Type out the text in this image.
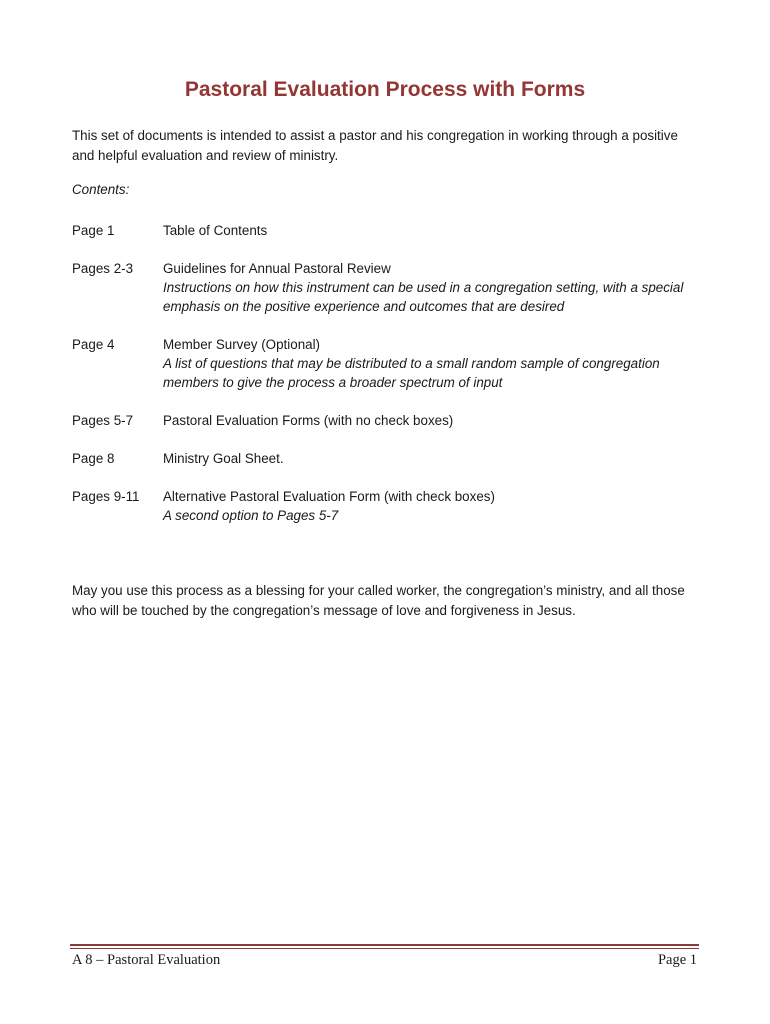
Pastoral Evaluation Process with Forms
This set of documents is intended to assist a pastor and his congregation in working through a positive and helpful evaluation and review of ministry.
Contents:
Page 1	Table of Contents
Pages 2-3	Guidelines for Annual Pastoral Review
Instructions on how this instrument can be used in a congregation setting, with a special emphasis on the positive experience and outcomes that are desired
Page 4	Member Survey (Optional)
A list of questions that may be distributed to a small random sample of congregation members to give the process a broader spectrum of input
Pages 5-7	Pastoral Evaluation Forms (with no check boxes)
Page 8	Ministry Goal Sheet.
Pages 9-11	Alternative Pastoral Evaluation Form (with check boxes)
A second option to Pages 5-7
May you use this process as a blessing for your called worker, the congregation’s ministry, and all those who will be touched by the congregation’s message of love and forgiveness in Jesus.
A 8 – Pastoral Evaluation	Page 1
